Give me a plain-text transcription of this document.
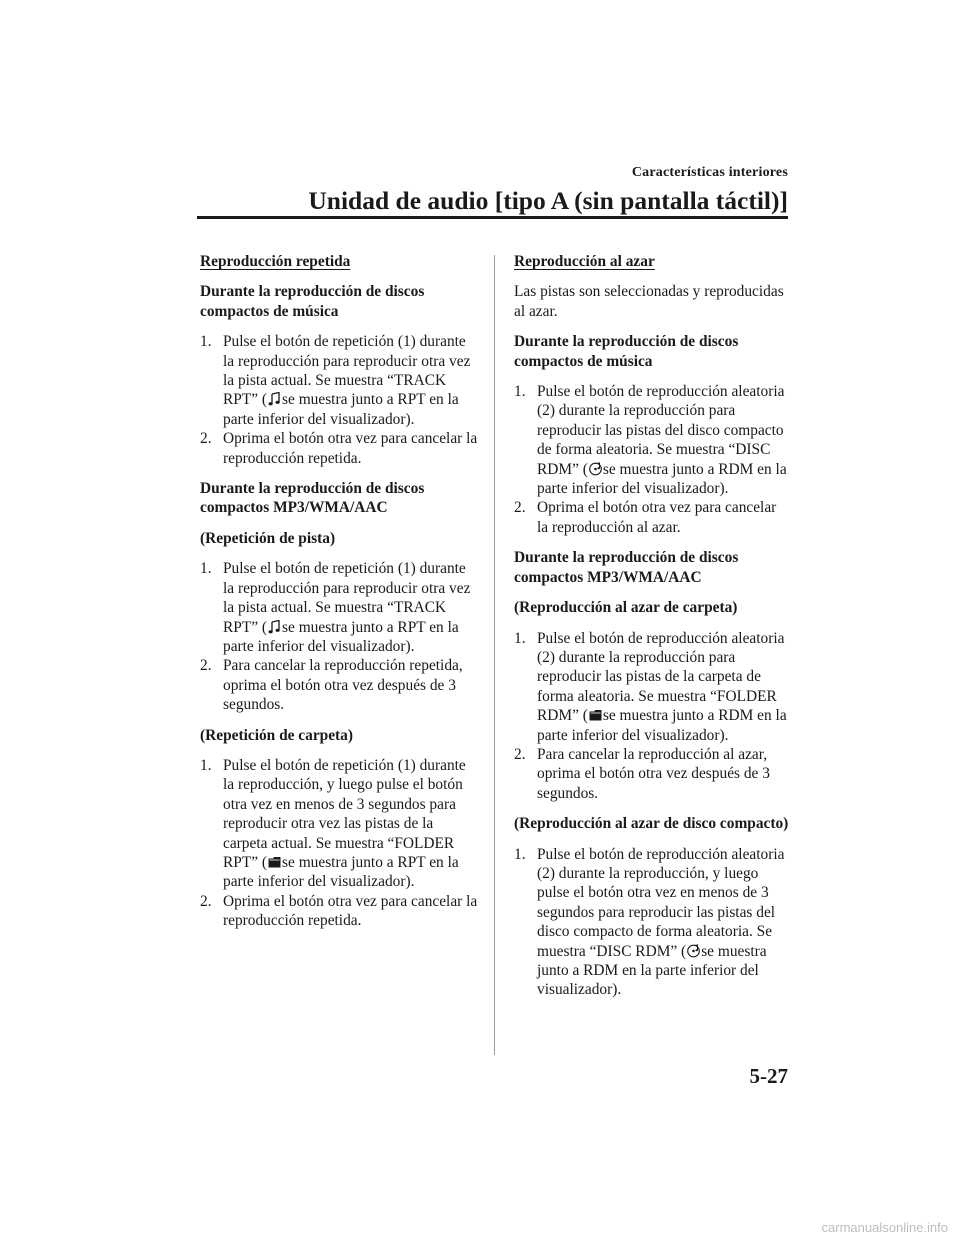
Características interiores
Unidad de audio [tipo A (sin pantalla táctil)]
Reproducción repetida
Durante la reproducción de discos compactos de música
1. Pulse el botón de repetición (1) durante la reproducción para reproducir otra vez la pista actual. Se muestra “TRACK RPT” ( se muestra junto a RPT en la parte inferior del visualizador).
2. Oprima el botón otra vez para cancelar la reproducción repetida.
Durante la reproducción de discos compactos MP3/WMA/AAC
(Repetición de pista)
1. Pulse el botón de repetición (1) durante la reproducción para reproducir otra vez la pista actual. Se muestra “TRACK RPT” ( se muestra junto a RPT en la parte inferior del visualizador).
2. Para cancelar la reproducción repetida, oprima el botón otra vez después de 3 segundos.
(Repetición de carpeta)
1. Pulse el botón de repetición (1) durante la reproducción, y luego pulse el botón otra vez en menos de 3 segundos para reproducir otra vez las pistas de la carpeta actual. Se muestra “FOLDER RPT” ( se muestra junto a RPT en la parte inferior del visualizador).
2. Oprima el botón otra vez para cancelar la reproducción repetida.
Reproducción al azar
Las pistas son seleccionadas y reproducidas al azar.
Durante la reproducción de discos compactos de música
1. Pulse el botón de reproducción aleatoria (2) durante la reproducción para reproducir las pistas del disco compacto de forma aleatoria. Se muestra “DISC RDM” ( se muestra junto a RDM en la parte inferior del visualizador).
2. Oprima el botón otra vez para cancelar la reproducción al azar.
Durante la reproducción de discos compactos MP3/WMA/AAC
(Reproducción al azar de carpeta)
1. Pulse el botón de reproducción aleatoria (2) durante la reproducción para reproducir las pistas de la carpeta de forma aleatoria. Se muestra “FOLDER RDM” ( se muestra junto a RDM en la parte inferior del visualizador).
2. Para cancelar la reproducción al azar, oprima el botón otra vez después de 3 segundos.
(Reproducción al azar de disco compacto)
1. Pulse el botón de reproducción aleatoria (2) durante la reproducción, y luego pulse el botón otra vez en menos de 3 segundos para reproducir las pistas del disco compacto de forma aleatoria. Se muestra “DISC RDM” ( se muestra junto a RDM en la parte inferior del visualizador).
5-27
carmanualsonline.info
